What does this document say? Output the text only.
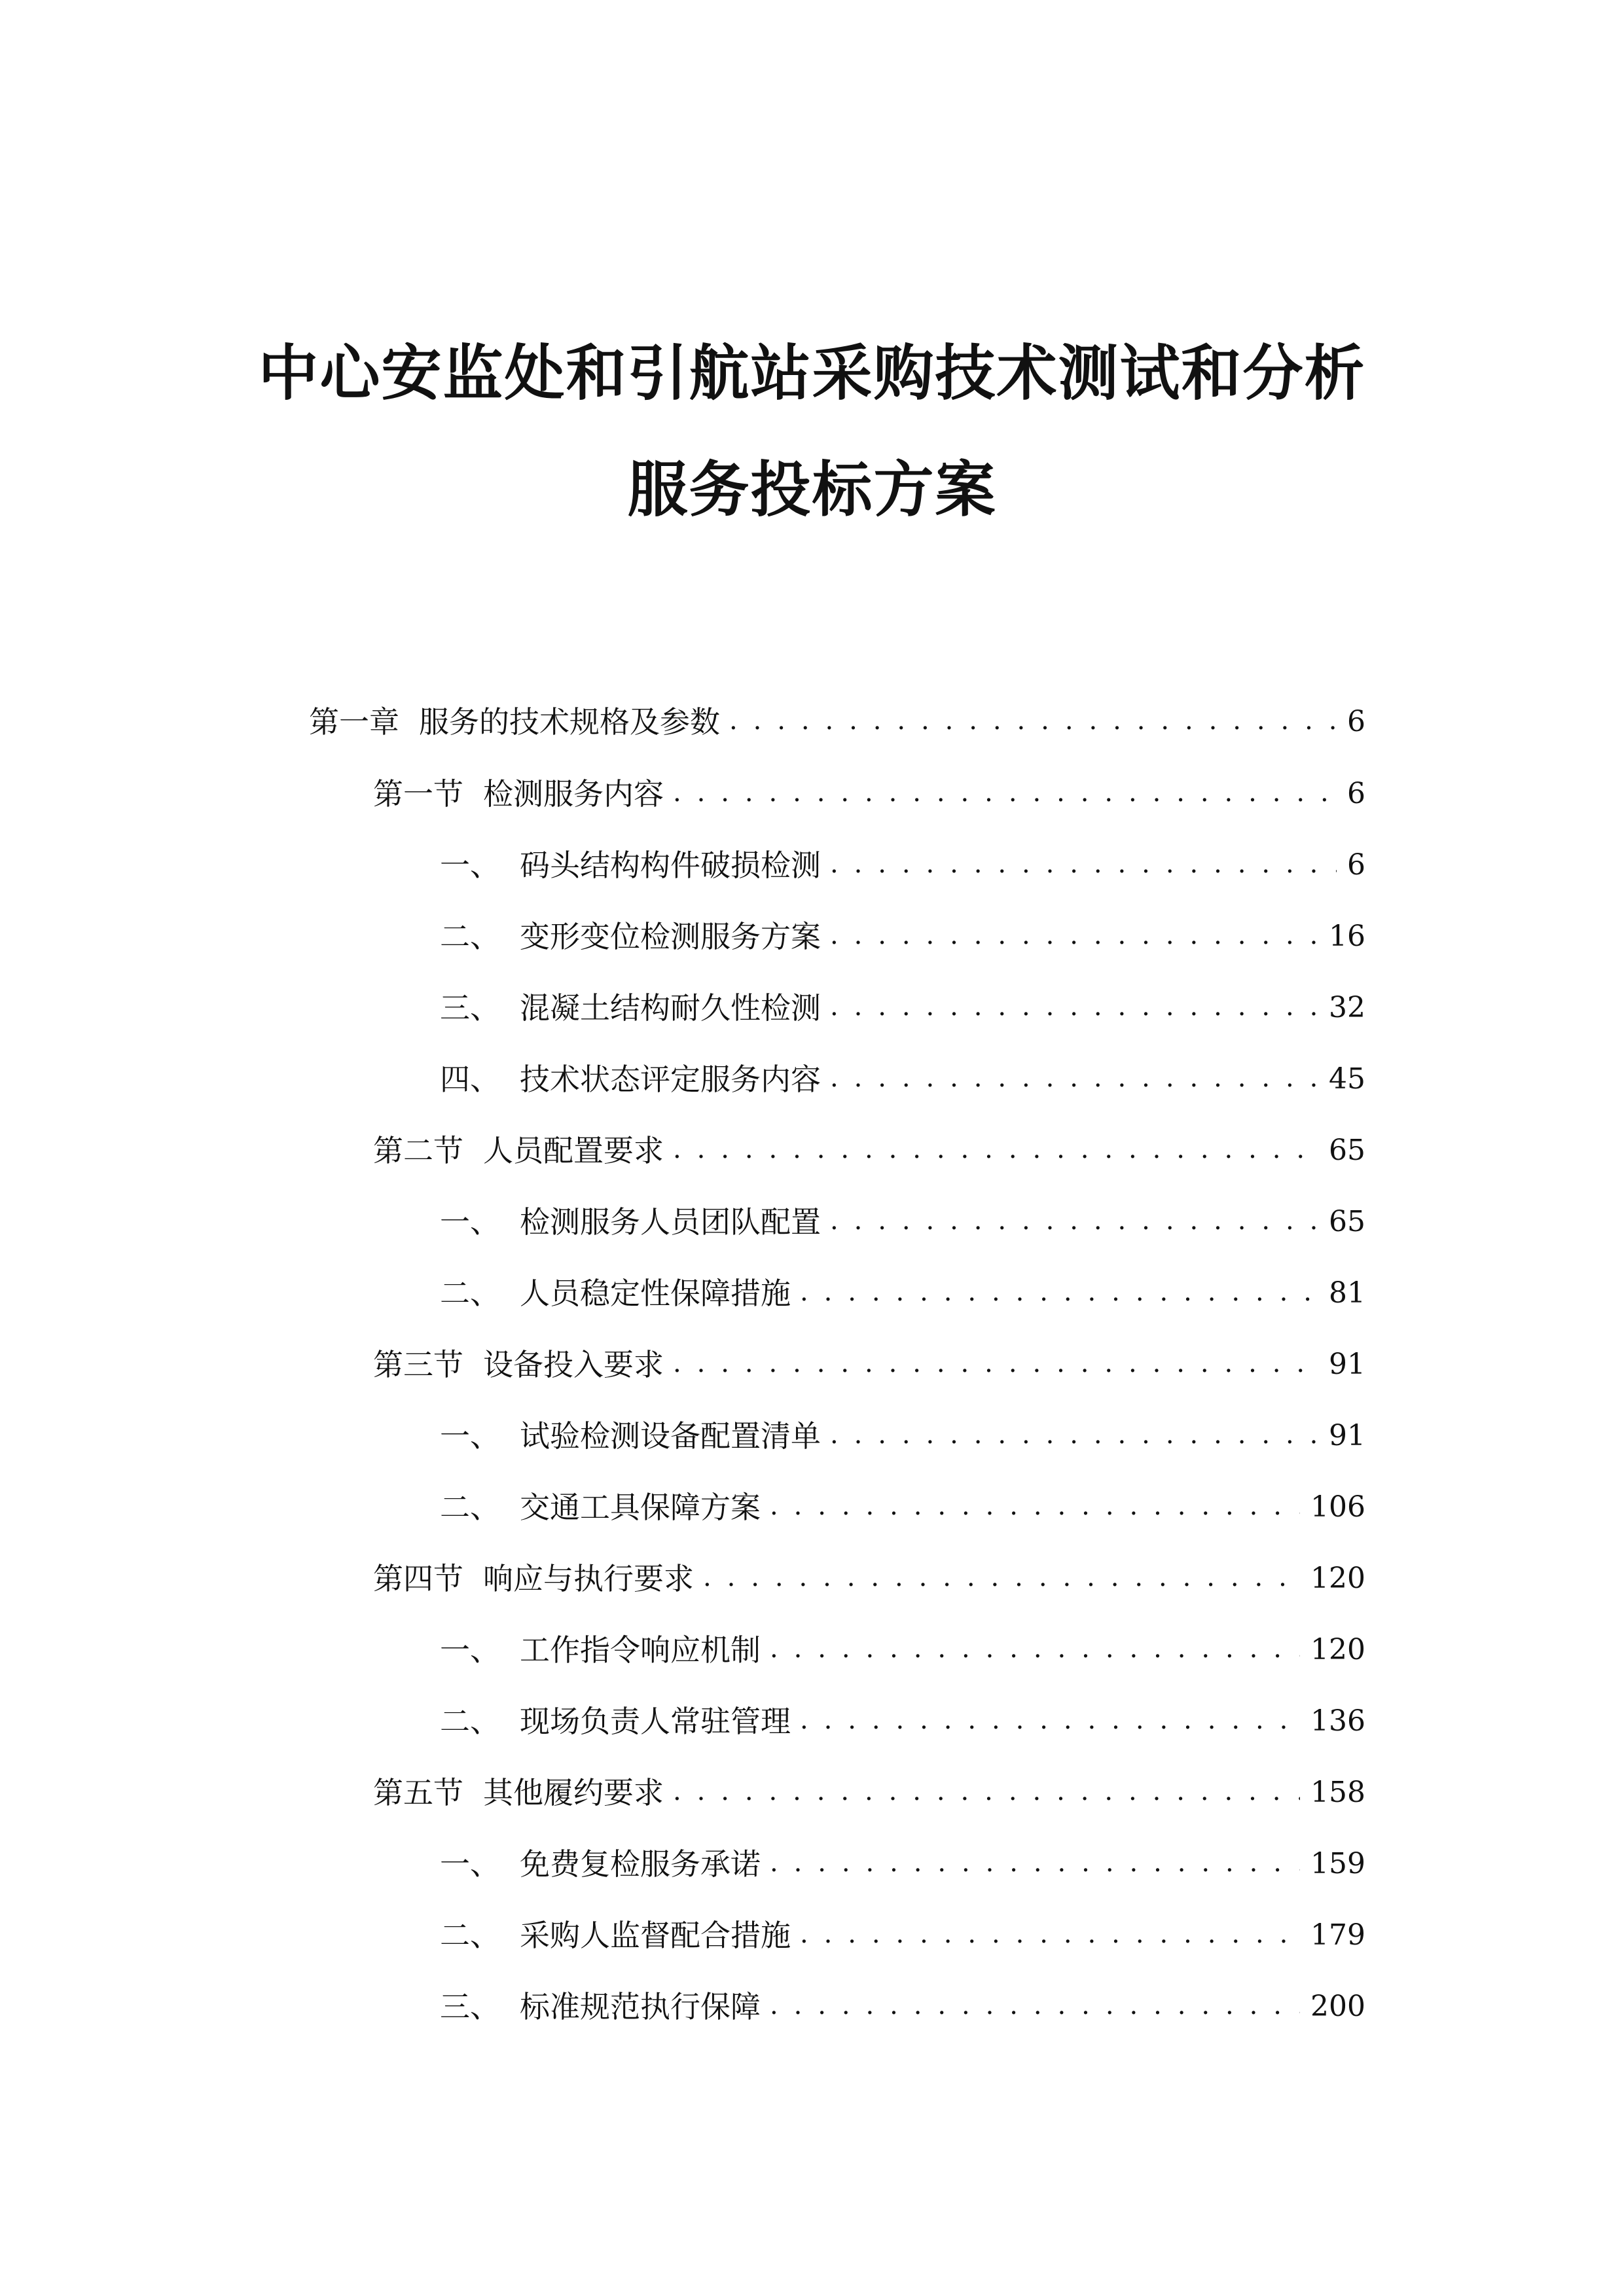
中心安监处和引航站采购技术测试和分析
服务投标方案
第一章 服务的技术规格及参数 . . .	6
第一节 检测服务内容 . . .	6
一、 码头结构构件破损检测 . . .	6
二、 变形变位检测服务方案 . . .	16
三、 混凝土结构耐久性检测 . . .	32
四、 技术状态评定服务内容 . . .	45
第二节 人员配置要求 . . .	65
一、 检测服务人员团队配置 . . .	65
二、 人员稳定性保障措施 . . .	81
第三节 设备投入要求 . . .	91
一、 试验检测设备配置清单 . . .	91
二、 交通工具保障方案 . . .	106
第四节 响应与执行要求 . . .	120
一、 工作指令响应机制 . . .	120
二、 现场负责人常驻管理 . . .	136
第五节 其他履约要求 . . .	158
一、 免费复检服务承诺 . . .	159
二、 采购人监督配合措施 . . .	179
三、 标准规范执行保障 . . .	200
